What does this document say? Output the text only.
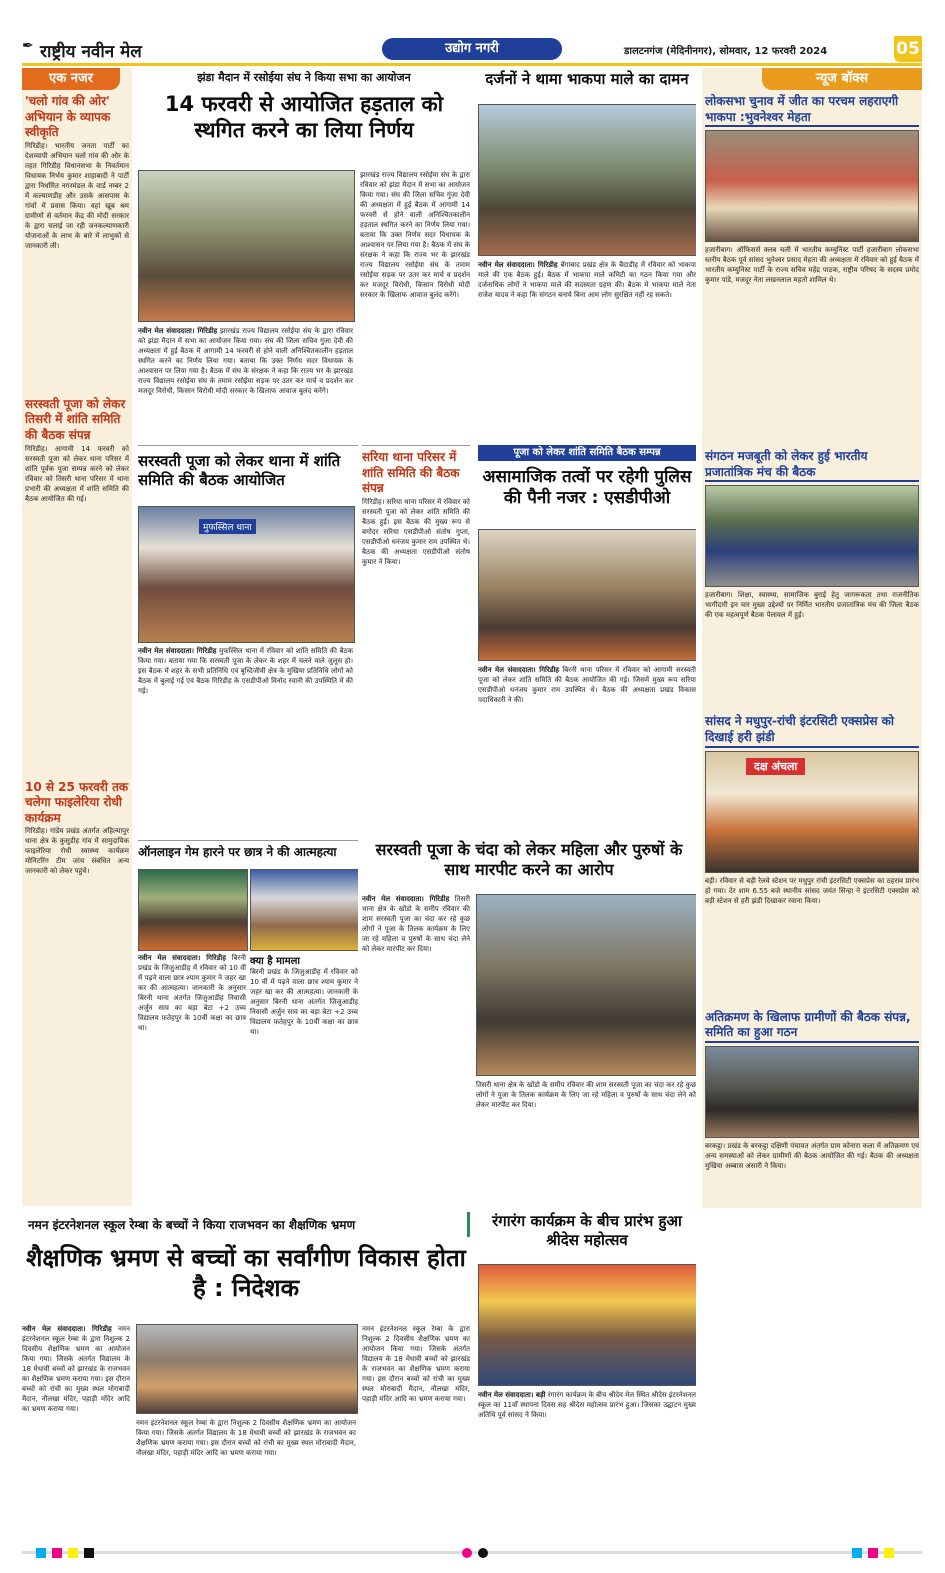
✒ राष्ट्रीय नवीन मेल	उद्योग नगरी	डालटनगंज (मेदिनीनगर), सोमवार, 12 फरवरी 2024	05
एक नजर
'चलो गांव की ओर' अभियान के व्यापक स्वीकृति
गिरिडीह। भारतीय जनता पार्टी का देशव्यापी अभियान चलो गांव की ओर के तहत गिरिडीह विधानसभा के निवर्तमान विधायक निर्भय कुमार शाहाबादी ने पार्टी द्वारा निर्धारित नगरमंडल के वार्ड नम्बर 2 में कल्याणडीह और उसके आसपास के गांवों में प्रवास किया। वहां खूब श्रम ग्रामीणों से वर्तमान केंद्र की मोदी सरकार के द्वारा चलाई जा रही जनकल्याणकारी योजनाओं के लाभ के बारे में लाभुकों से जानकारी ली।
सरस्वती पूजा को लेकर तिसरी में शांति समिति की बैठक संपन्न
गिरिडीह। आगामी 14 फरवरी को सरस्वती पूजा को लेकर थाना परिसर में शांति पूर्वक पूजा सम्पन्न करने को लेकर रविवार को तिसरी थाना परिसर में थाना प्रभारी की अध्यक्षता में शांति समिति की बैठक आयोजित की गई।
10 से 25 फरवरी तक चलेगा फाइलेरिया रोधी कार्यक्रम
गिरिडीह। गांडेय प्रखंड अंतर्गत अहिल्यापुर थाना क्षेत्र के कुसुडीह गांव में सामुदायिक फाइलेरिया रोधी स्वास्थ्य कार्यक्रम मोनिटरिंग टीम जांच संबंधित अन्य जानकारी को लेकर पहुंचे।
झंडा मैदान में रसोईया संघ ने किया सभा का आयोजन
14 फरवरी से आयोजित हड़ताल को स्थगित करने का लिया निर्णय
झारखंड राज्य विद्यालय रसोईया संघ के द्वारा रविवार को झंडा मैदान में सभा का आयोजन किया गया। संघ की जिला सचिव गुंजा देवी की अध्यक्षता में हुई बैठक में आगामी 14 फरवरी से होने वाली अनिश्चितकालीन हड़ताल स्थगित करने का निर्णय लिया गया। बताया कि उक्त निर्णय सदर विधायक के आश्वासन पर लिया गया है। बैठक में संघ के संरक्षक ने कहा कि राज्य भर के झारखंड राज्य विद्यालय रसोईया संघ के तमाम रसोईया सड़क पर उतर कर मार्च व प्रदर्शन कर मजदूर विरोधी, किसान विरोधी मोदी सरकार के खिलाफ आवाज बुलंद करेंगे।
नवीन मेल संवाददाता। गिरिडीह झारखंड राज्य विद्यालय रसोईया संघ के द्वारा रविवार को झंडा मैदान में सभा का आयोजन किया गया। संघ की जिला सचिव गुंजा देवी की अध्यक्षता में हुई बैठक में आगामी 14 फरवरी से होने वाली अनिश्चितकालीन हड़ताल स्थगित करने का निर्णय लिया गया। बताया कि उक्त निर्णय सदर विधायक के आश्वासन पर लिया गया है। बैठक में संघ के संरक्षक ने कहा कि राज्य भर के झारखंड राज्य विद्यालय रसोईया संघ के तमाम रसोईया सड़क पर उतर कर मार्च व प्रदर्शन कर मजदूर विरोधी, किसान विरोधी मोदी सरकार के खिलाफ आवाज बुलंद करेंगे।
दर्जनों ने थामा भाकपा माले का दामन
नवीन मेल संवाददाता। गिरिडीह बेंगाबाद प्रखंड क्षेत्र के बैदाडीह में रविवार को भाकपा माले की एक बैठक हुई। बैठक में भाकपा माले कमिटी का गठन किया गया और दर्जनाधिक लोगों ने भाकपा माले की सदस्यता ग्रहण की। बैठक में भाकपा माले नेता राजेश यादव ने कहा कि संगठन बनाये बिना आम लोग सुरक्षित नहीं रह सकते।
सरस्वती पूजा को लेकर थाना में शांति समिति की बैठक आयोजित
मुफस्सिल थाना
नवीन मेल संवाददाता। गिरिडीह मुफस्सिल थाना में रविवार को शांति समिति की बैठक किया गया। बताया गया कि सरस्वती पूजा के लेकर के शहर में चलने वाले जुलूस हो। इस बैठक में शहर के सभी प्रतिनिधि एवं बुध्दिजीवी क्षेत्र के मुखिया प्रतिनिधि लोगों को बैठक में बुलाई गई एवं बैठक गिरिडीह के एसडीपीओ विनोद रवानी की उपस्थिति में की गई।
सरिया थाना परिसर में शांति समिति की बैठक संपन्न
गिरिडीह। सरिया थाना परिसर में रविवार को सरस्वती पूजा को लेकर शांति समिति की बैठक हुई। इस बैठक की मुख्य रूप से बगोदर सरिया एसडीपीओ संतोष गुप्ता, एसडीपीओ धनंजय कुमार राम उपस्थित थे। बैठक की अध्यक्षता एसडीपीओ संतोष कुमार ने किया।
पूजा को लेकर शांति समिति बैठक सम्पन्न
असामाजिक तत्वों पर रहेगी पुलिस की पैनी नजर : एसडीपीओ
नवीन मेल संवाददाता। गिरिडीह बिरनी थाना परिसर में रविवार को आगामी सरस्वती पूजा को लेकर शांति समिति की बैठक आयोजित की गई। जिसमें मुख्य रूप सरिया एसडीपीओ धनंजय कुमार राम उपस्थित थे। बैठक की अध्यक्षता प्रखंड विकास पदाधिकारी ने की।
ऑनलाइन गेम हारने पर छात्र ने की आत्महत्या
नवीन मेल संवाददाता। गिरिडीह बिरनी प्रखंड के जिजुआडीह में रविवार को 10 वीं में पढ़ने वाला छात्र श्याम कुमार ने जहर खा कर की आत्महत्या। जानकारी के अनुसार बिरनी थाना अंतर्गत जिजुआडीह निवासी अर्जुन साव का बड़ा बेटा +2 उच्च विद्यालय फ़तेहपुर के 10वीं कक्षा का छात्र था।
क्या है मामला
बिरनी प्रखंड के जिजुआडीह में रविवार को 10 वीं में पढ़ने वाला छात्र श्याम कुमार ने जहर खा कर की आत्महत्या। जानकारी के अनुसार बिरनी थाना अंतर्गत जिजुआडीह निवासी अर्जुन साव का बड़ा बेटा +2 उच्च विद्यालय फ़तेहपुर के 10वीं कक्षा का छात्र था।
सरस्वती पूजा के चंदा को लेकर महिला और पुरुषों के साथ मारपीट करने का आरोप
नवीन मेल संवाददाता। गिरिडीह तिसरी थाना क्षेत्र के खोंडो के समीप रविवार की शाम सरस्वती पूजा का चंदा कर रहे कुछ लोगों ने पूजा के तिलक कार्यक्रम के लिए जा रहे महिला व पुरुषों के साथ चंदा लेने को लेकर मारपीट कर दिया।
तिसरी थाना क्षेत्र के खोंडो के समीप रविवार की शाम सरस्वती पूजा का चंदा कर रहे कुछ लोगों ने पूजा के तिलक कार्यक्रम के लिए जा रहे महिला व पुरुषों के साथ चंदा लेने को लेकर मारपीट कर दिया।
न्यूज बॉक्स
लोकसभा चुनाव में जीत का परचम लहराएगी भाकपा :भुवनेश्वर मेहता
हजारीबाग। ऑफिसर्स क्लब चली में भारतीय कम्युनिस्ट पार्टी हजारीबाग लोकसभा स्तरीय बैठक पूर्व सांसद भुनेश्वर प्रसाद मेहता की अध्यक्षता में रविवार को हुई बैठक में भारतीय कम्युनिस्ट पार्टी के राज्य सचिव महेंद्र पाठक, राष्ट्रीय परिषद के सदस्य प्रमोद कुमार पांडे, मजदूर नेता लखनलाल महतो शामिल थे।
संगठन मजबूती को लेकर हुई भारतीय प्रजातांत्रिक मंच की बैठक
हजारीबाग। शिक्षा, स्वास्थ्य, सामाजिक बुराई हेतु जागरूकता तथा राजनीतिक भागीदारी इन चार मुख्य उद्देश्यों पर निर्मित भारतीय प्रजातांत्रिक मंच की जिला बैठक की एक महत्वपूर्ण बैठक पेलावल में हुई।
सांसद ने मधुपुर-रांची इंटरसिटी एक्सप्रेस को दिखाई हरी झंडी
दक्ष अंचला
बड़ी। रविवार से बड़ी रेलवे स्टेशन पर मधुपुर रांची इंटरसिटी एक्सप्रेस का ठहराव प्रारंभ हो गया। देर शाम 6.55 बजे स्थानीय सांसद जयंत सिन्हा ने इंटरसिटी एक्सप्रेस को बड़ी स्टेशन से हरी झंडी दिखाकर रवाना किया।
अतिक्रमण के खिलाफ ग्रामीणों की बैठक संपन्न, समिति का हुआ गठन
बरकट्ठा। प्रखंड के बरकट्ठा दक्षिणी पंचायत अंतर्गत ग्राम कोनारा कला में अतिक्रमण एवं अन्य समस्याओं को लेकर ग्रामीणों की बैठक आयोजित की गई। बैठक की अध्यक्षता मुखिया अब्बास अंसारी ने किया।
नमन इंटरनेशनल स्कूल रेम्बा के बच्चों ने किया राजभवन का शैक्षणिक भ्रमण
शैक्षणिक भ्रमण से बच्चों का सर्वांगीण विकास होता है : निदेशक
नवीन मेल संवाददाता। गिरिडीह नमन इंटरनेशनल स्कूल रेम्बा के द्वारा निशुल्क 2 दिवसीय शैक्षणिक भ्रमण का आयोजन किया गया। जिसके अंतर्गत विद्यालय के 18 मेधावी बच्चों को झारखंड के राजभवन का शैक्षणिक भ्रमण कराया गया। इस दौरान बच्चों को रांची का मुख्य स्थल मोराबादी मैदान, नौलखा मंदिर, पहाड़ी मंदिर आदि का भ्रमण कराया गया।
नमन इंटरनेशनल स्कूल रेम्बा के द्वारा निशुल्क 2 दिवसीय शैक्षणिक भ्रमण का आयोजन किया गया। जिसके अंतर्गत विद्यालय के 18 मेधावी बच्चों को झारखंड के राजभवन का शैक्षणिक भ्रमण कराया गया। इस दौरान बच्चों को रांची का मुख्य स्थल मोराबादी मैदान, नौलखा मंदिर, पहाड़ी मंदिर आदि का भ्रमण कराया गया।
नमन इंटरनेशनल स्कूल रेम्बा के द्वारा निशुल्क 2 दिवसीय शैक्षणिक भ्रमण का आयोजन किया गया। जिसके अंतर्गत विद्यालय के 18 मेधावी बच्चों को झारखंड के राजभवन का शैक्षणिक भ्रमण कराया गया। इस दौरान बच्चों को रांची का मुख्य स्थल मोराबादी मैदान, नौलखा मंदिर, पहाड़ी मंदिर आदि का भ्रमण कराया गया।
रंगारंग कार्यक्रम के बीच प्रारंभ हुआ श्रीदेस महोत्सव
नवीन मेल संवाददाता। बड़ी रंगारंग कार्यक्रम के बीच श्रीदेव मेल स्थित श्रीदेस इंटरनेशनल स्कूल का 11वाँ स्थापना दिवस सह श्रीदेस महोत्सव प्रारंभ हुआ। जिसका उद्घाटन मुख्य अतिथि पूर्व सांसद ने किया।
